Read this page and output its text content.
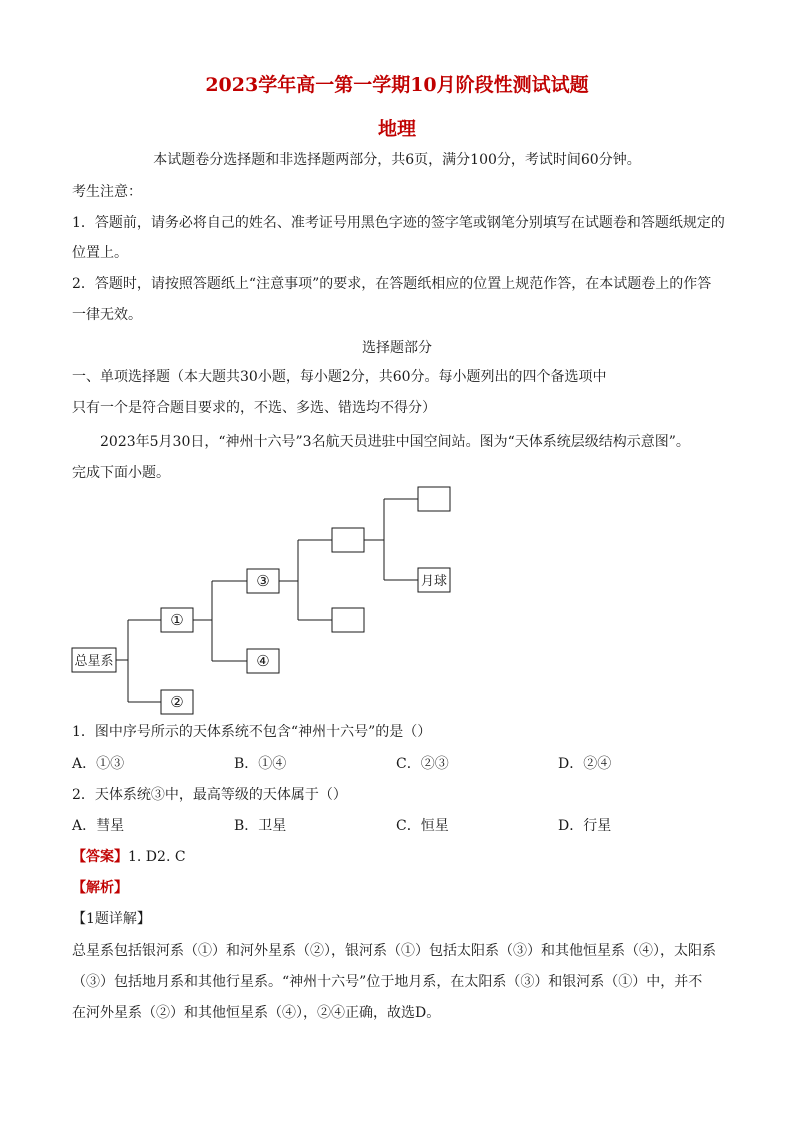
2023学年高一第一学期10月阶段性测试试题
地理
本试题卷分选择题和非选择题两部分，共6页，满分100分，考试时间60分钟。
考生注意：
1．答题前，请务必将自己的姓名、准考证号用黑色字迹的签字笔或钢笔分别填写在试题卷和答题纸规定的
位置上。
2．答题时，请按照答题纸上“注意事项”的要求，在答题纸相应的位置上规范作答，在本试题卷上的作答
一律无效。
选择题部分
一、单项选择题（本大题共30小题，每小题2分，共60分。每小题列出的四个备选项中
只有一个是符合题目要求的，不选、多选、错选均不得分）
2023年5月30日，“神州十六号”3名航天员进驻中国空间站。图为“天体系统层级结构示意图”。
完成下面小题。
总星系
①
②
③
④
月球
1．图中序号所示的天体系统不包含“神州十六号”的是（）
A．①③	B．①④	C．②③	D．②④
2．天体系统③中，最高等级的天体属于（）
A．彗星	B．卫星	C．恒星	D．行星
【答案】1. D2. C
【解析】
【1题详解】
总星系包括银河系（①）和河外星系（②），银河系（①）包括太阳系（③）和其他恒星系（④），太阳系
（③）包括地月系和其他行星系。“神州十六号”位于地月系，在太阳系（③）和银河系（①）中，并不
在河外星系（②）和其他恒星系（④），②④正确，故选D。
